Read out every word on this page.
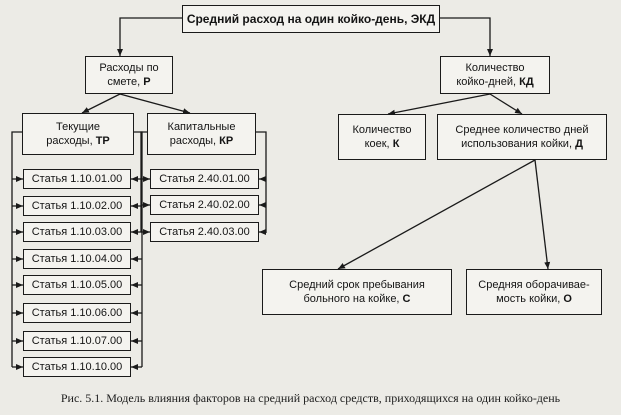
Средний расход на один койко-день, ЭКД
Расходы по
смете, Р
Количество
койко-дней, КД
Текущие
расходы, ТР
Капитальные
расходы, КР
Количество
коек, К
Среднее количество дней
использования койки, Д
Средний срок пребывания
больного на койке, С
Средняя оборачивае-
мость койки, О
Статья 1.10.01.00
Статья 1.10.02.00
Статья 1.10.03.00
Статья 1.10.04.00
Статья 1.10.05.00
Статья 1.10.06.00
Статья 1.10.07.00
Статья 1.10.10.00
Статья 2.40.01.00
Статья 2.40.02.00
Статья 2.40.03.00
Рис. 5.1. Модель влияния факторов на средний расход средств, приходящихся на один койко-день
